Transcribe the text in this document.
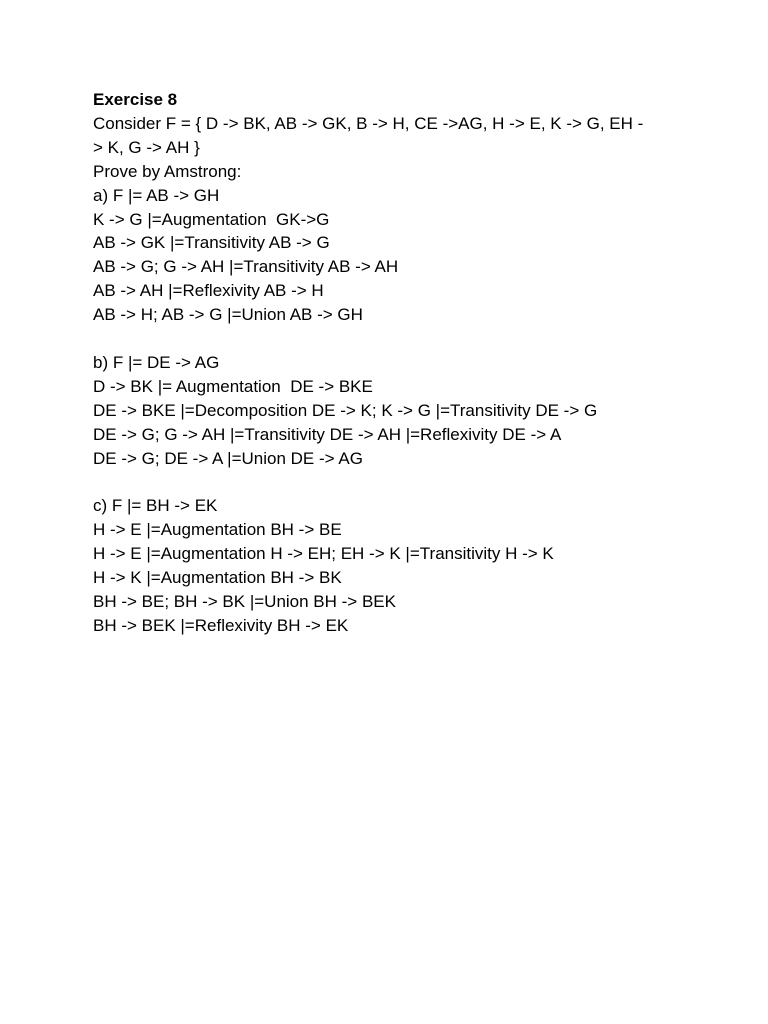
Exercise 8

Consider F = { D -> BK, AB -> GK, B -> H, CE ->AG, H -> E, K -> G, EH -

> K, G -> AH }

Prove by Amstrong:

a) F |= AB -> GH

K -> G |=Augmentation  GK->G

AB -> GK |=Transitivity AB -> G

AB -> G; G -> AH |=Transitivity AB -> AH

AB -> AH |=Reflexivity AB -> H

AB -> H; AB -> G |=Union AB -> GH

b) F |= DE -> AG

D -> BK |= Augmentation  DE -> BKE

DE -> BKE |=Decomposition DE -> K; K -> G |=Transitivity DE -> G

DE -> G; G -> AH |=Transitivity DE -> AH |=Reflexivity DE -> A

DE -> G; DE -> A |=Union DE -> AG

c) F |= BH -> EK

H -> E |=Augmentation BH -> BE

H -> E |=Augmentation H -> EH; EH -> K |=Transitivity H -> K

H -> K |=Augmentation BH -> BK

BH -> BE; BH -> BK |=Union BH -> BEK

BH -> BEK |=Reflexivity BH -> EK
